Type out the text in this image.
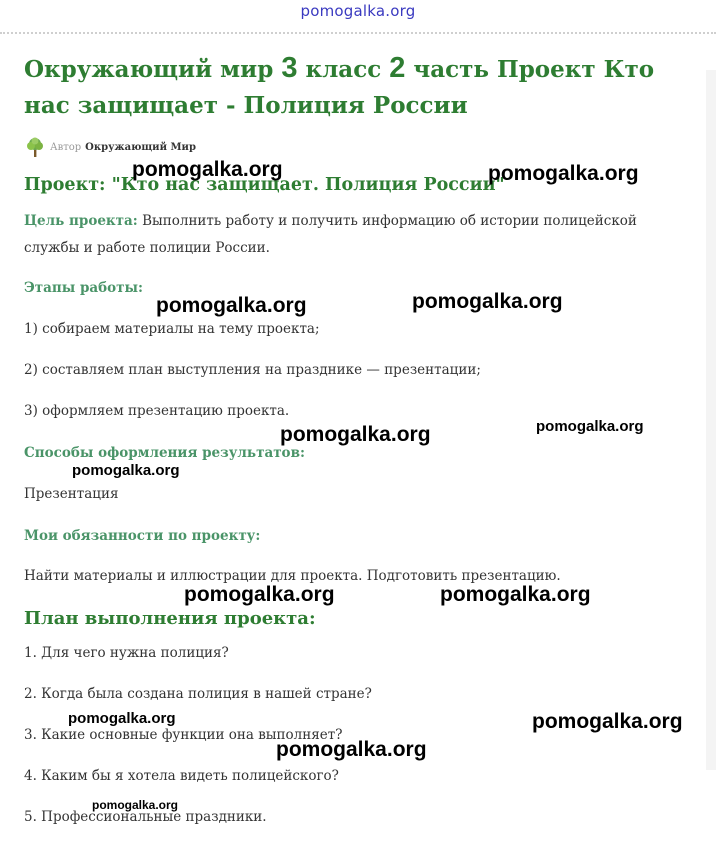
pomogalka.org
Окружающий мир 3 класс 2 часть Проект Кто нас защищает - Полиция России
Автор Окружающий Мир
Проект: "Кто нас защищает. Полиция России"

Цель проекта: Выполнить работу и получить информацию об истории полицейской службы и работе полиции России.

Этапы работы:

1) собираем материалы на тему проекта;

2) составляем план выступления на празднике — презентации;

3) оформляем презентацию проекта.

Способы оформления результатов:

Презентация

Мои обязанности по проекту:

Найти материалы и иллюстрации для проекта. Подготовить презентацию.

План выполнения проекта:

1. Для чего нужна полиция?

2. Когда была создана полиция в нашей стране?

3. Какие основные функции она выполняет?

4. Каким бы я хотела видеть полицейского?

5. Профессиональные праздники.

pomogalka.org	pomogalka.org
pomogalka.org	pomogalka.org
pomogalka.org	pomogalka.org
pomogalka.org
pomogalka.org	pomogalka.org
pomogalka.org	pomogalka.org
pomogalka.org
pomogalka.org
